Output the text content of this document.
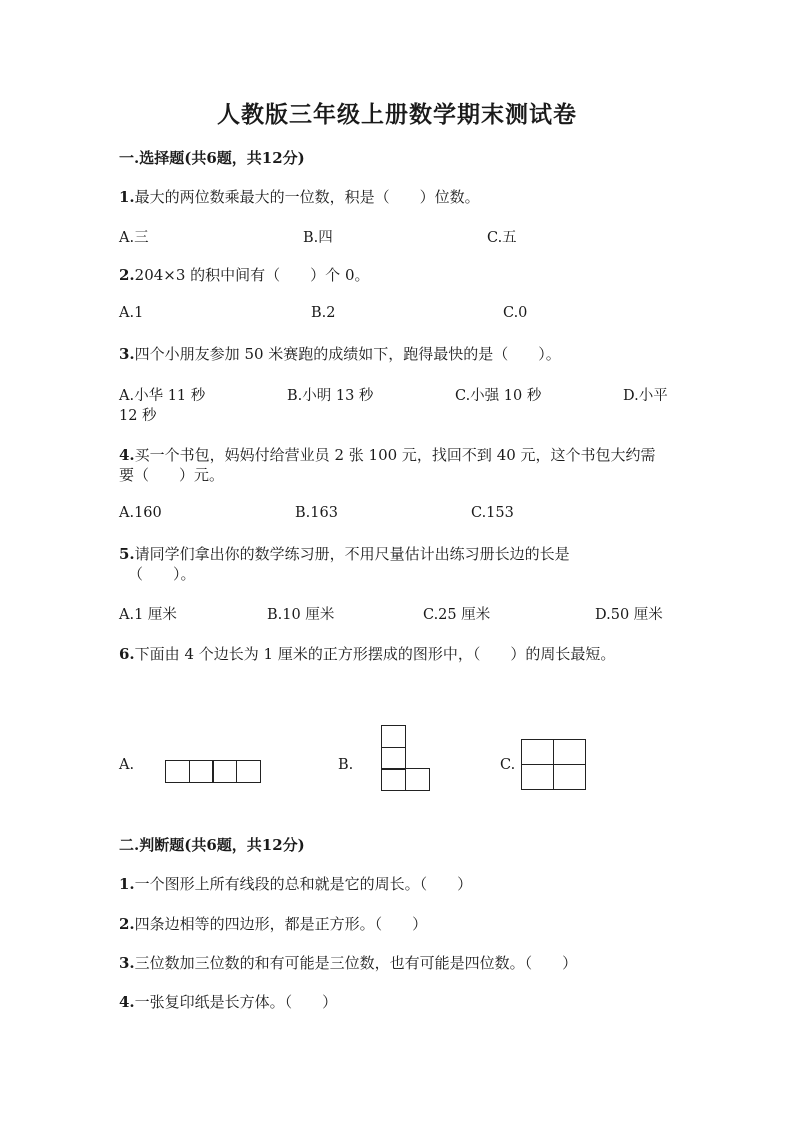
人教版三年级上册数学期末测试卷
一.选择题(共6题，共12分)
1.最大的两位数乘最大的一位数，积是（　　）位数。
A.三	B.四	C.五
2.204×3 的积中间有（　　）个 0。
A.1	B.2	C.0
3.四个小朋友参加 50 米赛跑的成绩如下，跑得最快的是（　　）。
A.小华 11 秒	B.小明 13 秒	C.小强 10 秒	D.小平
12 秒
4.买一个书包，妈妈付给营业员 2 张 100 元，找回不到 40 元，这个书包大约需
要（　　）元。
A.160	B.163	C.153
5.请同学们拿出你的数学练习册，不用尺量估计出练习册长边的长是
（　　）。
A.1 厘米	B.10 厘米	C.25 厘米	D.50 厘米
6.下面由 4 个边长为 1 厘米的正方形摆成的图形中，（　　）的周长最短。
A.	B.	C.
二.判断题(共6题，共12分)
1.一个图形上所有线段的总和就是它的周长。（　　）
2.四条边相等的四边形，都是正方形。（　　）
3.三位数加三位数的和有可能是三位数，也有可能是四位数。（　　）
4.一张复印纸是长方体。（　　）
